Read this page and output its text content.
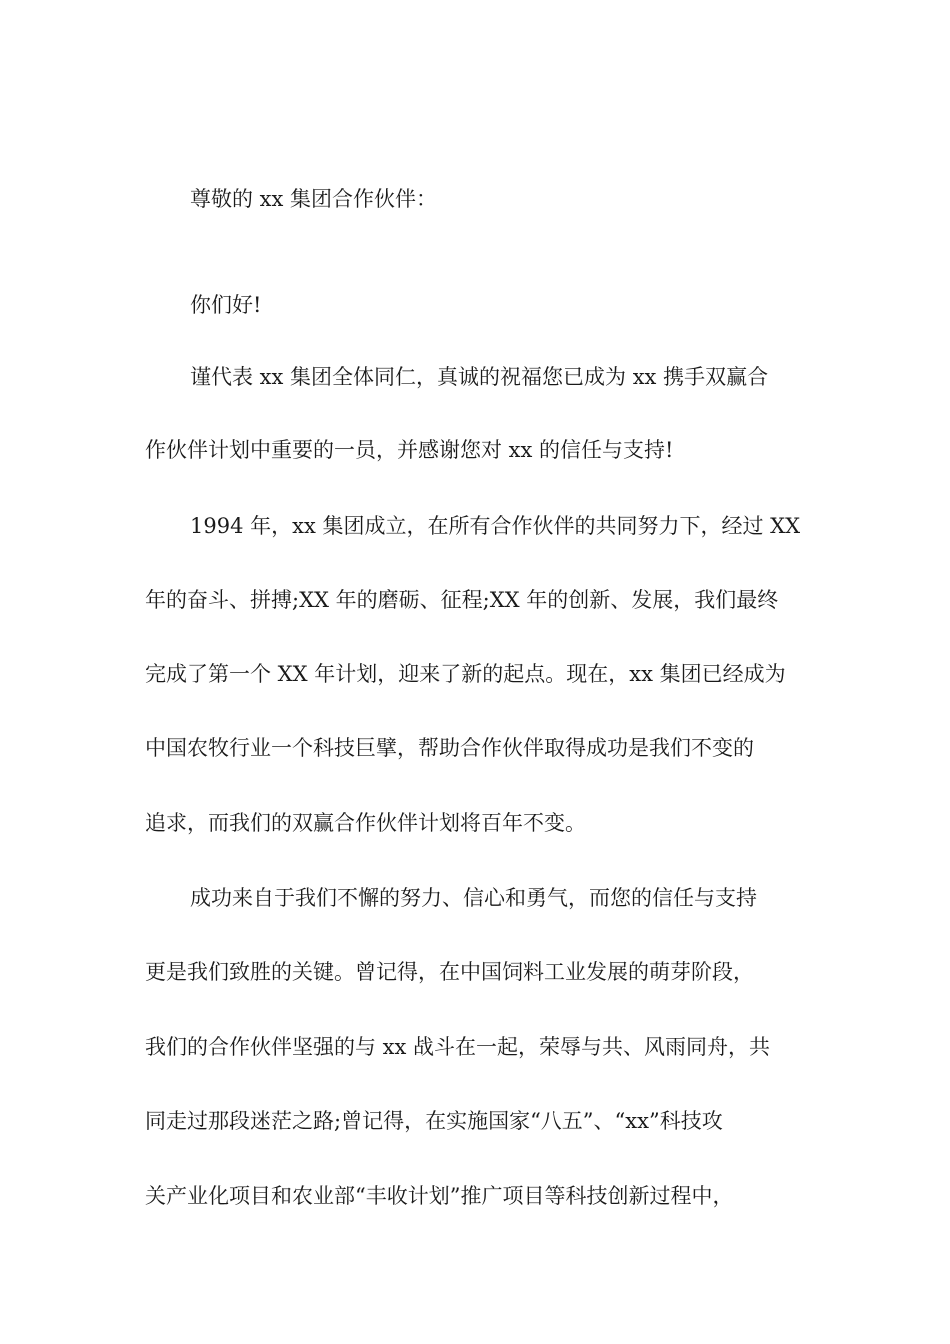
尊敬的 xx 集团合作伙伴：
你们好!
谨代表 xx 集团全体同仁，真诚的祝福您已成为 xx 携手双赢合
作伙伴计划中重要的一员，并感谢您对 xx 的信任与支持!
1994 年，xx 集团成立，在所有合作伙伴的共同努力下，经过 XX
年的奋斗、拼搏;XX 年的磨砺、征程;XX 年的创新、发展，我们最终
完成了第一个 XX 年计划，迎来了新的起点。现在，xx 集团已经成为
中国农牧行业一个科技巨擘，帮助合作伙伴取得成功是我们不变的
追求，而我们的双赢合作伙伴计划将百年不变。
成功来自于我们不懈的努力、信心和勇气，而您的信任与支持
更是我们致胜的关键。曾记得，在中国饲料工业发展的萌芽阶段，
我们的合作伙伴坚强的与 xx 战斗在一起，荣辱与共、风雨同舟，共
同走过那段迷茫之路;曾记得，在实施国家“八五”、“xx”科技攻
关产业化项目和农业部“丰收计划”推广项目等科技创新过程中，
